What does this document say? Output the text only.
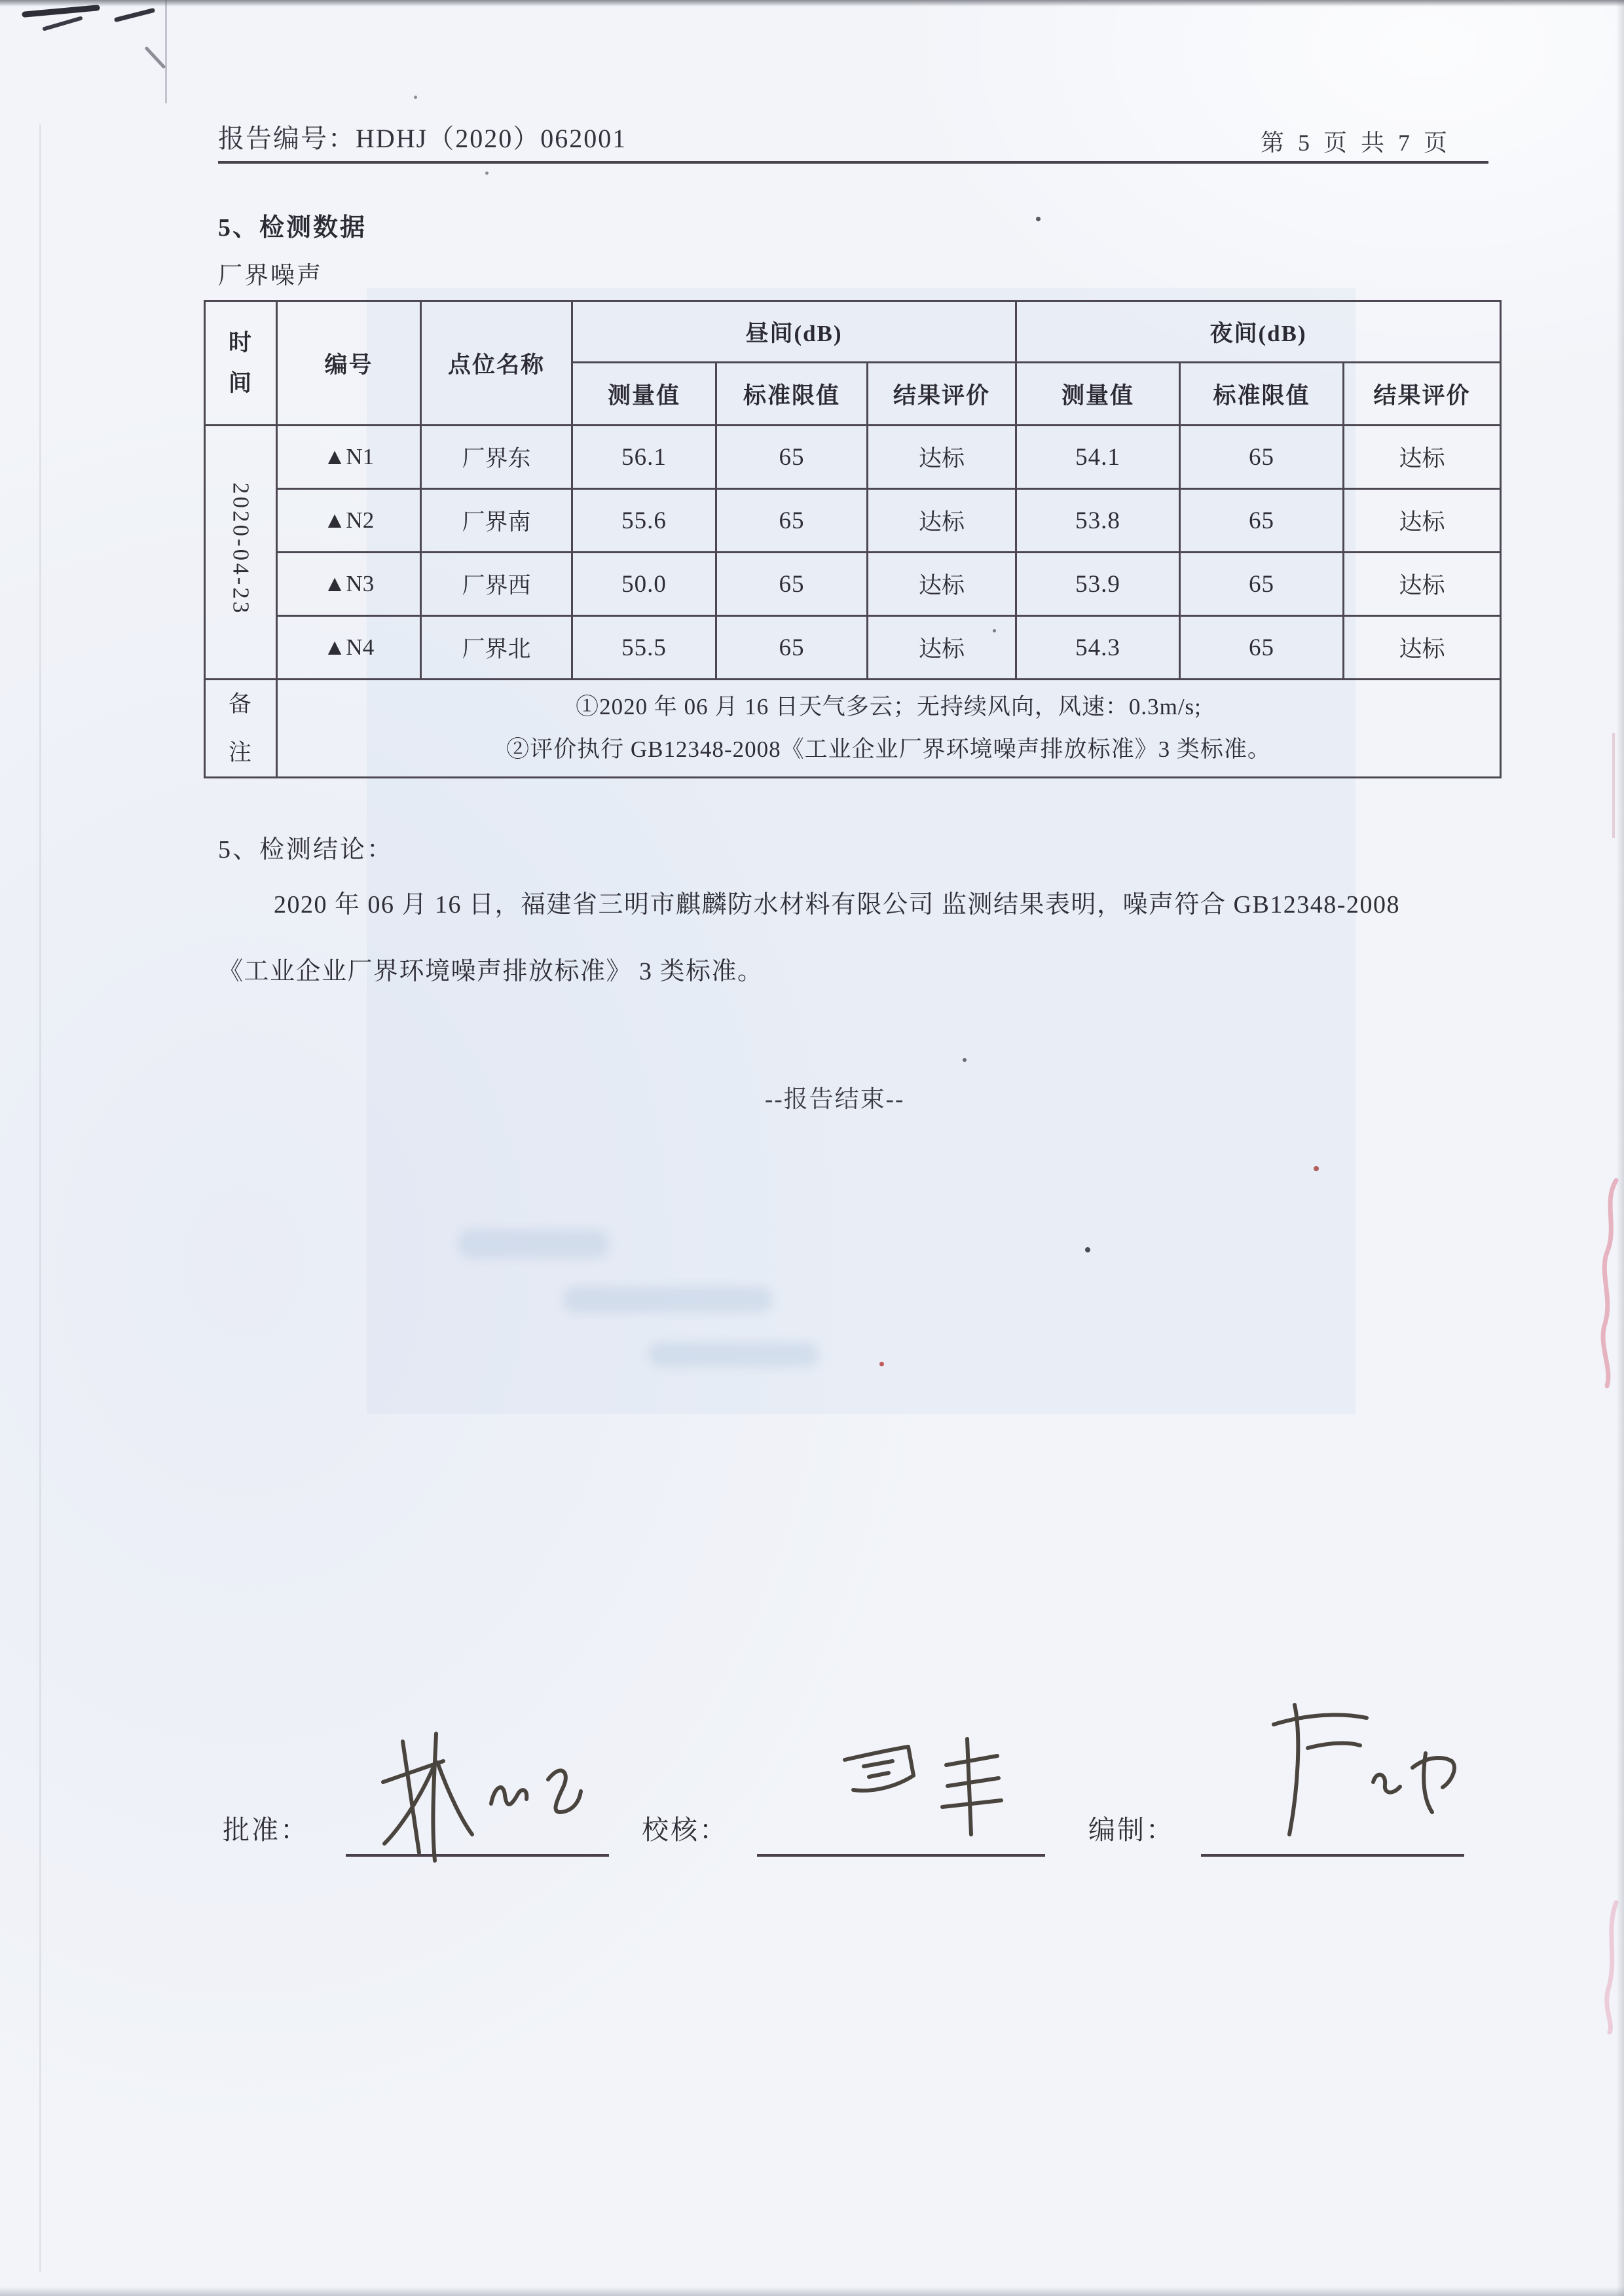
报告编号：HDHJ（2020）062001	第 5 页 共 7 页
5、检测数据
厂界噪声
时间	编号	点位名称	昼间(dB)			夜间(dB)		
			测量值	标准限值	结果评价	测量值	标准限值	结果评价
2020-04-23	▲N1	厂界东	56.1	65	达标	54.1	65	达标
	▲N2	厂界南	55.6	65	达标	53.8	65	达标
	▲N3	厂界西	50.0	65	达标	53.9	65	达标
	▲N4	厂界北	55.5	65	达标	54.3	65	达标
备注	①2020 年 06 月 16 日天气多云；无持续风向，风速：0.3m/s;
②评价执行 GB12348-2008《工业企业厂界环境噪声排放标准》3 类标准。							
5、检测结论：
2020 年 06 月 16 日，福建省三明市麒麟防水材料有限公司 监测结果表明，噪声符合 GB12348-2008
《工业企业厂界环境噪声排放标准》 3 类标准。
--报告结束--
批准：	校核：	编制：
